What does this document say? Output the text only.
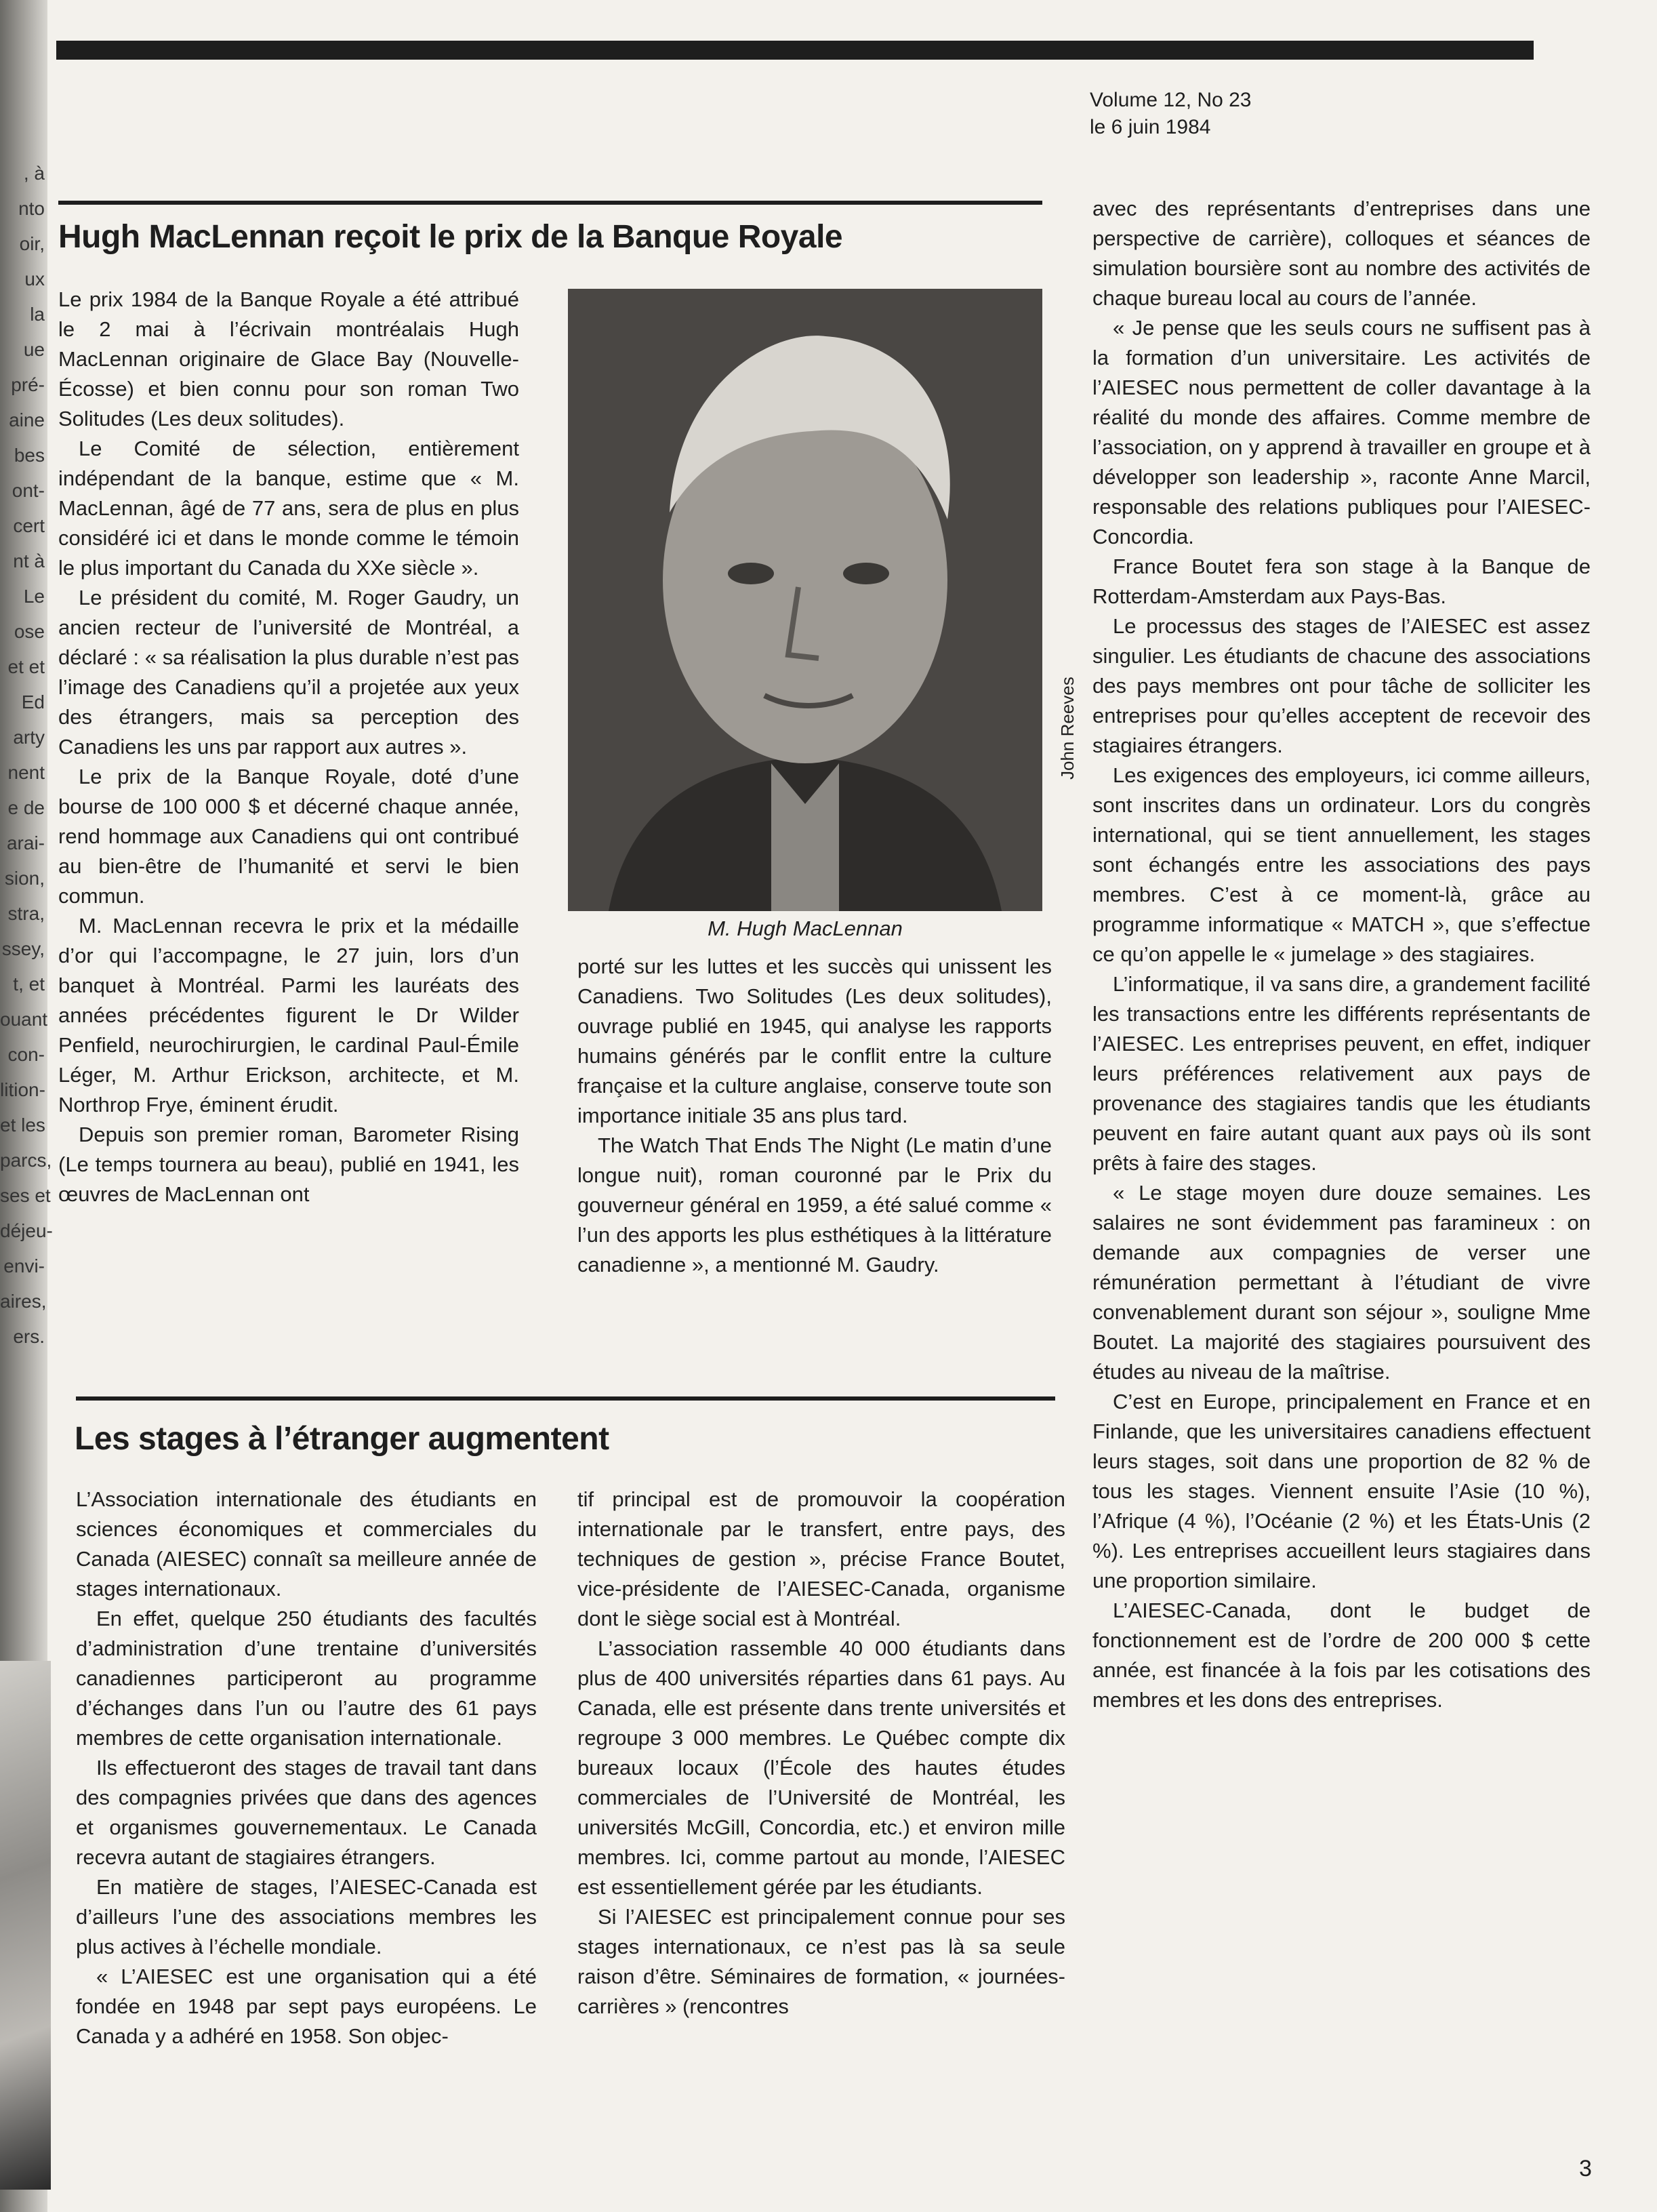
, à
nto
oir,
ux
la
ue
pré-
aine
bes
ont-
cert
nt à
Le
ose
et et
Ed
arty
nent
e de
arai-
sion,
stra,
ssey,
t, et
ouant
con-
lition-
et les
parcs,
ses et
déjeu-
envi-
aires,
ers.
Volume 12, No 23
le 6 juin 1984
Hugh MacLennan reçoit le prix de la Banque Royale

Le prix 1984 de la Banque Royale a été attribué le 2 mai à l’écrivain montréalais Hugh MacLennan originaire de Glace Bay (Nouvelle-Écosse) et bien connu pour son roman Two Solitudes (Les deux solitudes).

Le Comité de sélection, entièrement indépendant de la banque, estime que « M. MacLennan, âgé de 77 ans, sera de plus en plus considéré ici et dans le monde comme le témoin le plus important du Canada du XXe siècle ».

Le président du comité, M. Roger Gaudry, un ancien recteur de l’université de Montréal, a déclaré : « sa réalisation la plus durable n’est pas l’image des Canadiens qu’il a projetée aux yeux des étrangers, mais sa perception des Canadiens les uns par rapport aux autres ».

Le prix de la Banque Royale, doté d’une bourse de 100 000 $ et décerné chaque année, rend hommage aux Canadiens qui ont contribué au bien-être de l’humanité et servi le bien commun.

M. MacLennan recevra le prix et la médaille d’or qui l’accompagne, le 27 juin, lors d’un banquet à Montréal. Parmi les lauréats des années précédentes figurent le Dr Wilder Penfield, neurochirurgien, le cardinal Paul-Émile Léger, M. Arthur Erickson, architecte, et M. Northrop Frye, éminent érudit.

Depuis son premier roman, Barometer Rising (Le temps tournera au beau), publié en 1941, les œuvres de MacLennan ont

John Reeves
M. Hugh MacLennan

porté sur les luttes et les succès qui unissent les Canadiens. Two Solitudes (Les deux solitudes), ouvrage publié en 1945, qui analyse les rapports humains générés par le conflit entre la culture française et la culture anglaise, conserve toute son importance initiale 35 ans plus tard.

The Watch That Ends The Night (Le matin d’une longue nuit), roman couronné par le Prix du gouverneur général en 1959, a été salué comme « l’un des apports les plus esthétiques à la littérature canadienne », a mentionné M. Gaudry.

Les stages à l’étranger augmentent

L’Association internationale des étudiants en sciences économiques et commerciales du Canada (AIESEC) connaît sa meilleure année de stages internationaux.

En effet, quelque 250 étudiants des facultés d’administration d’une trentaine d’universités canadiennes participeront au programme d’échanges dans l’un ou l’autre des 61 pays membres de cette organisation internationale.

Ils effectueront des stages de travail tant dans des compagnies privées que dans des agences et organismes gouvernementaux. Le Canada recevra autant de stagiaires étrangers.

En matière de stages, l’AIESEC-Canada est d’ailleurs l’une des associations membres les plus actives à l’échelle mondiale.

« L’AIESEC est une organisation qui a été fondée en 1948 par sept pays européens. Le Canada y a adhéré en 1958. Son objec-

tif principal est de promouvoir la coopération internationale par le transfert, entre pays, des techniques de gestion », précise France Boutet, vice-présidente de l’AIESEC-Canada, organisme dont le siège social est à Montréal.

L’association rassemble 40 000 étudiants dans plus de 400 universités réparties dans 61 pays. Au Canada, elle est présente dans trente universités et regroupe 3 000 membres. Le Québec compte dix bureaux locaux (l’École des hautes études commerciales de l’Université de Montréal, les universités McGill, Concordia, etc.) et environ mille membres. Ici, comme partout au monde, l’AIESEC est essentiellement gérée par les étudiants.

Si l’AIESEC est principalement connue pour ses stages internationaux, ce n’est pas là sa seule raison d’être. Séminaires de formation, « journées-carrières » (rencontres

avec des représentants d’entreprises dans une perspective de carrière), colloques et séances de simulation boursière sont au nombre des activités de chaque bureau local au cours de l’année.

« Je pense que les seuls cours ne suffisent pas à la formation d’un universitaire. Les activités de l’AIESEC nous permettent de coller davantage à la réalité du monde des affaires. Comme membre de l’association, on y apprend à travailler en groupe et à développer son leadership », raconte Anne Marcil, responsable des relations publiques pour l’AIESEC-Concordia.

France Boutet fera son stage à la Banque de Rotterdam-Amsterdam aux Pays-Bas.

Le processus des stages de l’AIESEC est assez singulier. Les étudiants de chacune des associations des pays membres ont pour tâche de solliciter les entreprises pour qu’elles acceptent de recevoir des stagiaires étrangers.

Les exigences des employeurs, ici comme ailleurs, sont inscrites dans un ordinateur. Lors du congrès international, qui se tient annuellement, les stages sont échangés entre les associations des pays membres. C’est à ce moment-là, grâce au programme informatique « MATCH », que s’effectue ce qu’on appelle le « jumelage » des stagiaires.

L’informatique, il va sans dire, a grandement facilité les transactions entre les différents représentants de l’AIESEC. Les entreprises peuvent, en effet, indiquer leurs préférences relativement aux pays de provenance des stagiaires tandis que les étudiants peuvent en faire autant quant aux pays où ils sont prêts à faire des stages.

« Le stage moyen dure douze semaines. Les salaires ne sont évidemment pas faramineux : on demande aux compagnies de verser une rémunération permettant à l’étudiant de vivre convenablement durant son séjour », souligne Mme Boutet. La majorité des stagiaires poursuivent des études au niveau de la maîtrise.

C’est en Europe, principalement en France et en Finlande, que les universitaires canadiens effectuent leurs stages, soit dans une proportion de 82 % de tous les stages. Viennent ensuite l’Asie (10 %), l’Afrique (4 %), l’Océanie (2 %) et les États-Unis (2 %). Les entreprises accueillent leurs stagiaires dans une proportion similaire.

L’AIESEC-Canada, dont le budget de fonctionnement est de l’ordre de 200 000 $ cette année, est financée à la fois par les cotisations des membres et les dons des entreprises.

3
